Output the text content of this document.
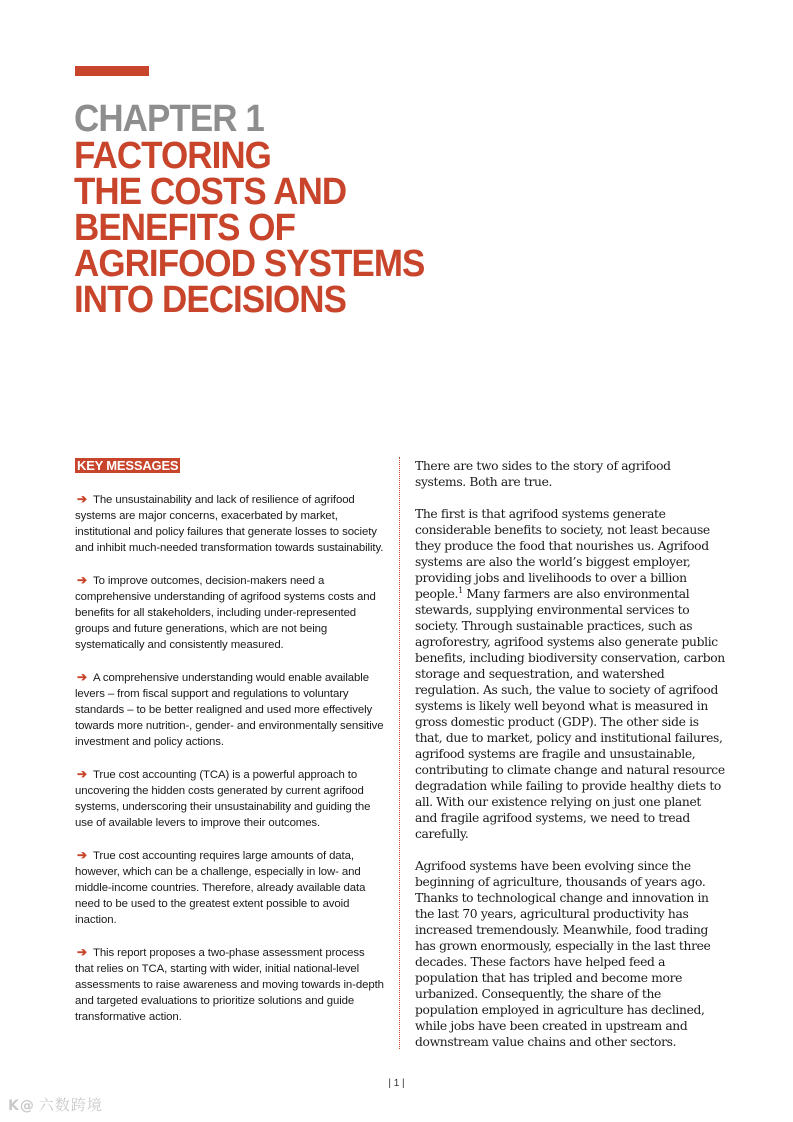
CHAPTER 1
FACTORING
THE COSTS AND
BENEFITS OF
AGRIFOOD SYSTEMS
INTO DECISIONS
KEY MESSAGES
➔ The unsustainability and lack of resilience of agrifood systems are major concerns, exacerbated by market, institutional and policy failures that generate losses to society and inhibit much-needed transformation towards sustainability.
➔ To improve outcomes, decision-makers need a comprehensive understanding of agrifood systems costs and benefits for all stakeholders, including under-represented groups and future generations, which are not being systematically and consistently measured.
➔ A comprehensive understanding would enable available levers – from fiscal support and regulations to voluntary standards – to be better realigned and used more effectively towards more nutrition-, gender- and environmentally sensitive investment and policy actions.
➔ True cost accounting (TCA) is a powerful approach to uncovering the hidden costs generated by current agrifood systems, underscoring their unsustainability and guiding the use of available levers to improve their outcomes.
➔ True cost accounting requires large amounts of data, however, which can be a challenge, especially in low- and middle-income countries. Therefore, already available data need to be used to the greatest extent possible to avoid inaction.
➔ This report proposes a two-phase assessment process that relies on TCA, starting with wider, initial national-level assessments to raise awareness and moving towards in-depth and targeted evaluations to prioritize solutions and guide transformative action.

There are two sides to the story of agrifood systems. Both are true.

The first is that agrifood systems generate considerable benefits to society, not least because they produce the food that nourishes us. Agrifood systems are also the world’s biggest employer, providing jobs and livelihoods to over a billion people.$^1$ Many farmers are also environmental stewards, supplying environmental services to society. Through sustainable practices, such as agroforestry, agrifood systems also generate public benefits, including biodiversity conservation, carbon storage and sequestration, and watershed regulation. As such, the value to society of agrifood systems is likely well beyond what is measured in gross domestic product (GDP). The other side is that, due to market, policy and institutional failures, agrifood systems are fragile and unsustainable, contributing to climate change and natural resource degradation while failing to provide healthy diets to all. With our existence relying on just one planet and fragile agrifood systems, we need to tread carefully.

Agrifood systems have been evolving since the beginning of agriculture, thousands of years ago. Thanks to technological change and innovation in the last 70 years, agricultural productivity has increased tremendously. Meanwhile, food trading has grown enormously, especially in the last three decades. These factors have helped feed a population that has tripled and become more urbanized. Consequently, the share of the population employed in agriculture has declined, while jobs have been created in upstream and downstream value chains and other sectors.

| 1 |
K@ 六数跨境
